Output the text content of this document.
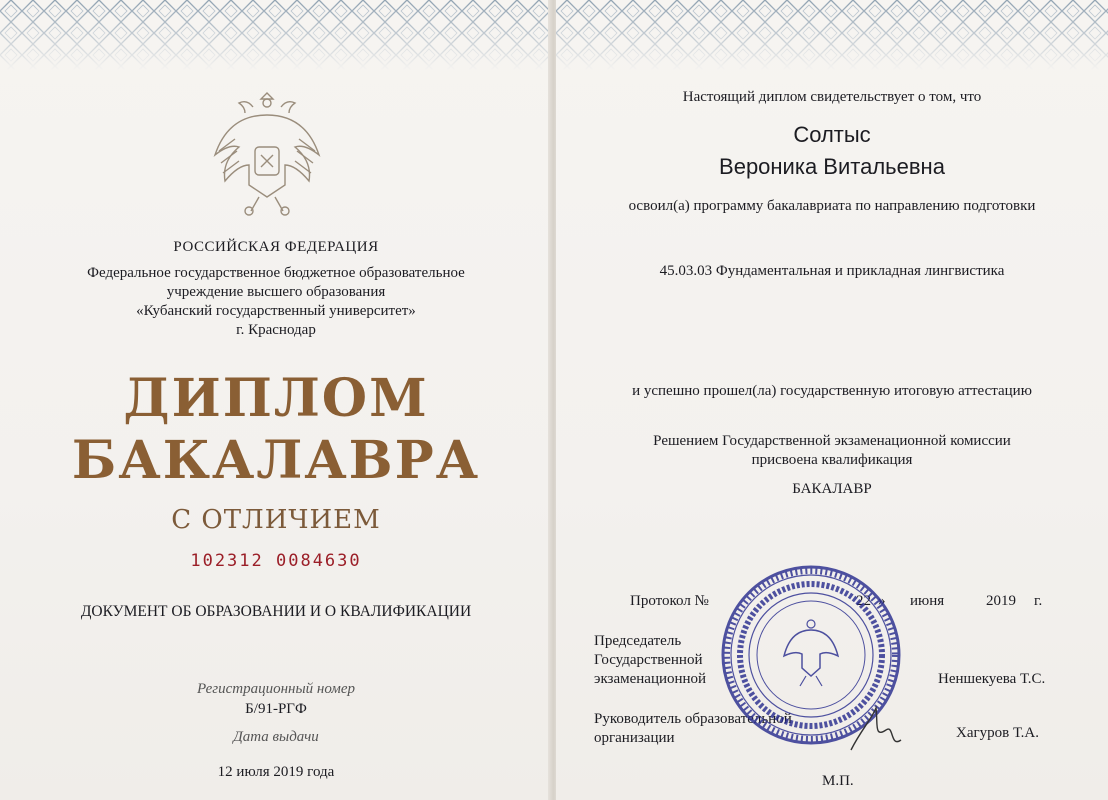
РОССИЙСКАЯ ФЕДЕРАЦИЯ
Федеральное государственное бюджетное образовательное
учреждение высшего образования
«Кубанский государственный университет»
г. Краснодар
ДИПЛОМ
БАКАЛАВРА
С ОТЛИЧИЕМ
102312 0084630
ДОКУМЕНТ ОБ ОБРАЗОВАНИИ И О КВАЛИФИКАЦИИ
Регистрационный номер
Б/91-РГФ
Дата выдачи
12 июля 2019 года
Настоящий диплом свидетельствует о том, что
Солтыс
Вероника Витальевна
освоил(а) программу бакалавриата по направлению подготовки
45.03.03 Фундаментальная и прикладная лингвистика
и успешно прошел(ла) государственную итоговую аттестацию
Решением Государственной экзаменационной комиссии
присвоена квалификация
БАКАЛАВР
Протокол №	22 » июня	2019 г.
Председатель
Государственной
экзаменационной	Неншекуева Т.С.
Руководитель образовательной
организации	Хагуров Т.А.
М.П.
